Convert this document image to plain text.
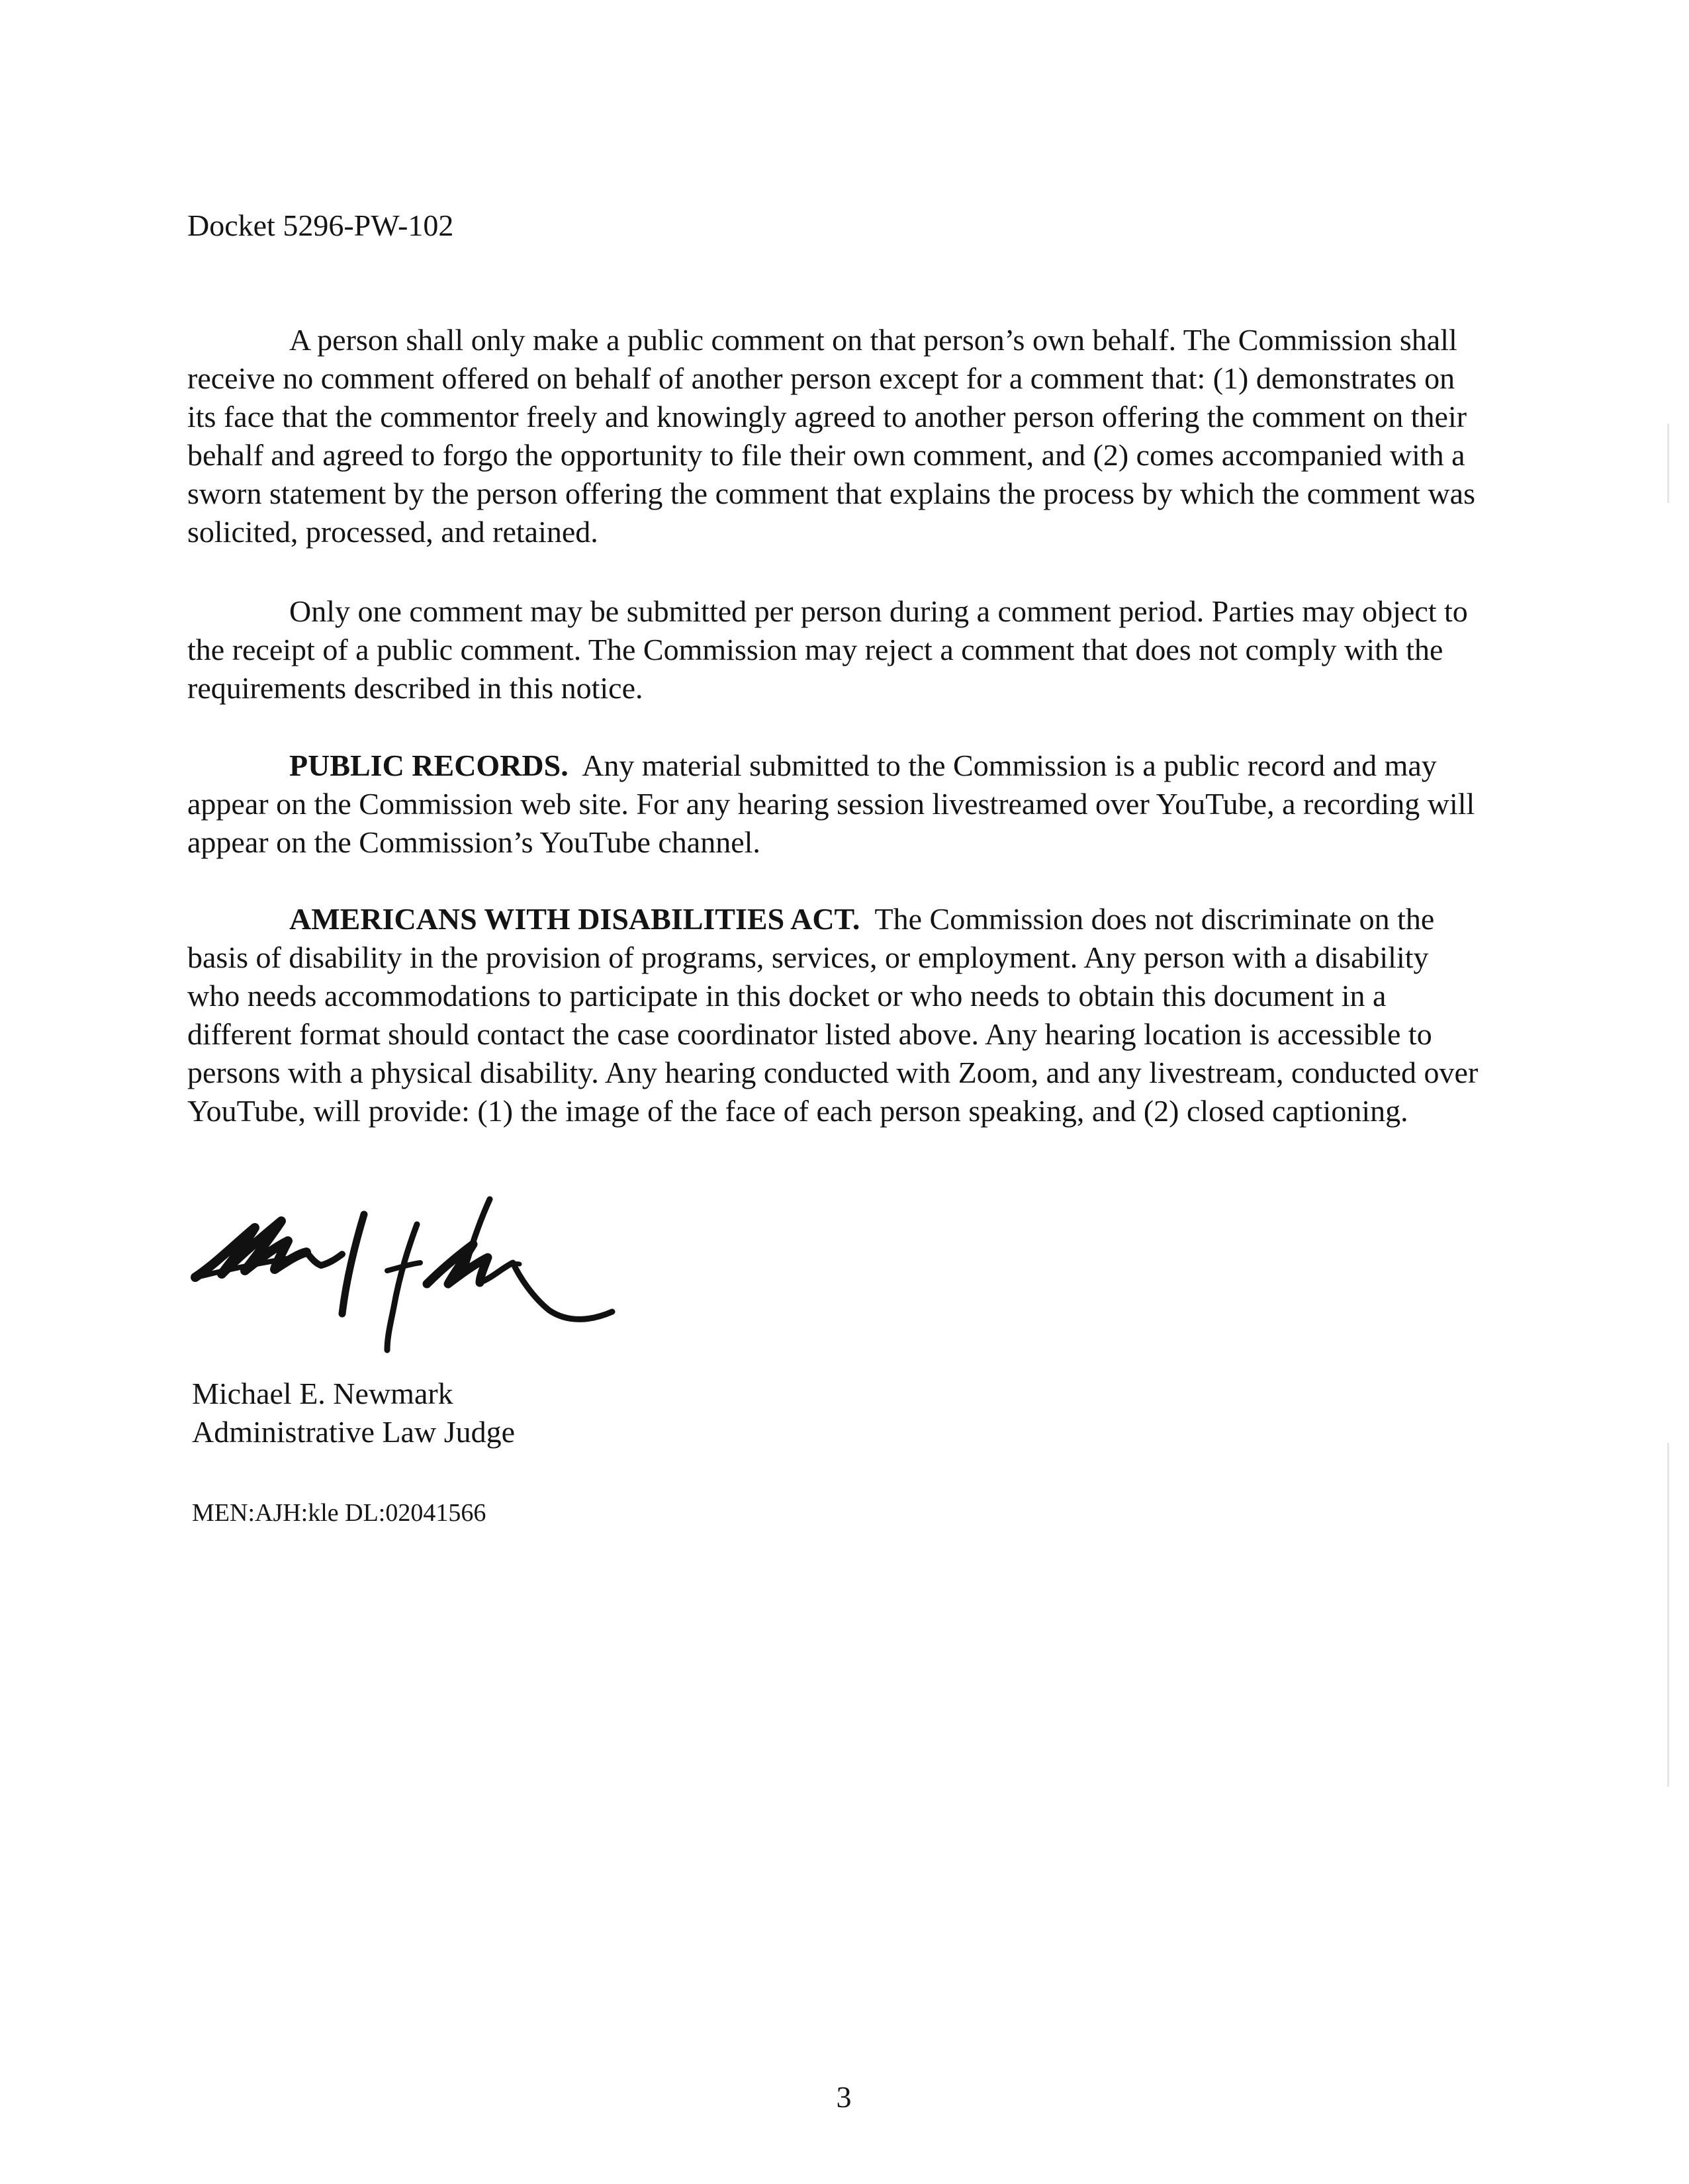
Docket 5296-PW-102

A person shall only make a public comment on that person’s own behalf. The Commission shall receive no comment offered on behalf of another person except for a comment that: (1) demonstrates on its face that the commentor freely and knowingly agreed to another person offering the comment on their behalf and agreed to forgo the opportunity to file their own comment, and (2) comes accompanied with a sworn statement by the person offering the comment that explains the process by which the comment was solicited, processed, and retained.

Only one comment may be submitted per person during a comment period. Parties may object to the receipt of a public comment. The Commission may reject a comment that does not comply with the requirements described in this notice.

PUBLIC RECORDS. Any material submitted to the Commission is a public record and may appear on the Commission web site. For any hearing session livestreamed over YouTube, a recording will appear on the Commission’s YouTube channel.

AMERICANS WITH DISABILITIES ACT. The Commission does not discriminate on the basis of disability in the provision of programs, services, or employment. Any person with a disability who needs accommodations to participate in this docket or who needs to obtain this document in a different format should contact the case coordinator listed above. Any hearing location is accessible to persons with a physical disability. Any hearing conducted with Zoom, and any livestream, conducted over YouTube, will provide: (1) the image of the face of each person speaking, and (2) closed captioning.

Michael E. Newmark
Administrative Law Judge
MEN:AJH:kle DL:02041566
3
